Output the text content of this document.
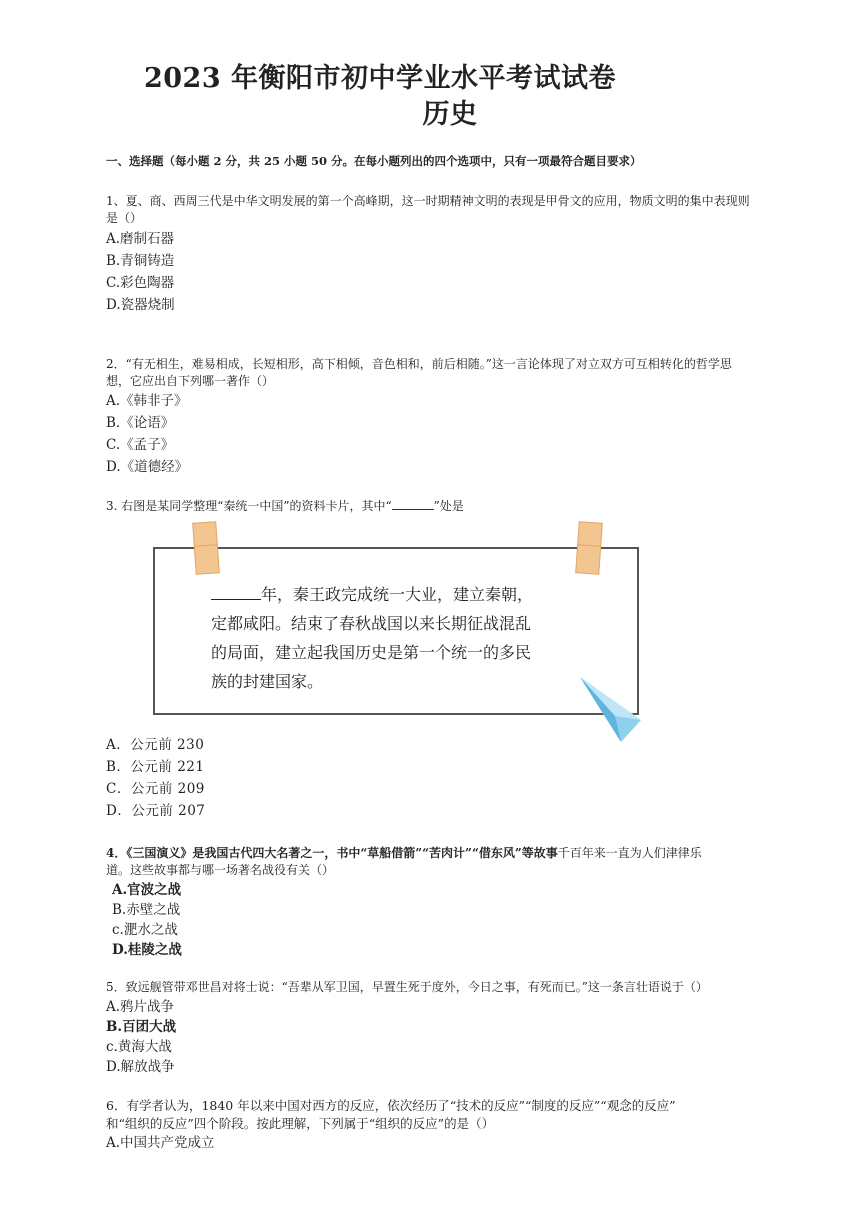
2023 年衡阳市初中学业水平考试试卷
历史
一、选择题（每小题 2 分，共 25 小题 50 分。在每小题列出的四个选项中，只有一项最符合题目要求）
1、夏、商、西周三代是中华文明发展的第一个高峰期，这一时期精神文明的表现是甲骨文的应用，物质文明的集中表现则
是（）
A.磨制石器
B.青铜铸造
C.彩色陶器
D.瓷器烧制
2．“有无相生，难易相成，长短相形，高下相倾，音色相和，前后相随。”这一言论体现了对立双方可互相转化的哲学思
想，它应出自下列哪一著作（）
A.《韩非子》
B.《论语》
C.《孟子》
D.《道德经》
3. 右图是某同学整理“秦统一中国”的资料卡片，其中“	”处是
年，秦王政完成统一大业，建立秦朝，
定都咸阳。结束了春秋战国以来长期征战混乱
的局面，建立起我国历史是第一个统一的多民
族的封建国家。
A．公元前 230
B．公元前 221
C．公元前 209
D．公元前 207
4．《三国演义》是我国古代四大名著之一，书中“草船借箭”“苦肉计”“借东风”等故事千百年来一直为人们津律乐
道。这些故事都与哪一场著名战役有关（）
A.官波之战
B.赤壁之战
c.淝水之战
D.桂陵之战
5．致远舰管带邓世昌对将士说：“吾辈从军卫国，早置生死于度外，今日之事，有死而已。”这一条言壮语说于（）
A.鸦片战争
B.百团大战
c.黄海大战
D.解放战争
6．有学者认为，1840 年以来中国对西方的反应，依次经历了“技术的反应”“制度的反应”“观念的反应”
和“组织的反应”四个阶段。按此理解，下列属于“组织的反应”的是（）
A.中国共产党成立
